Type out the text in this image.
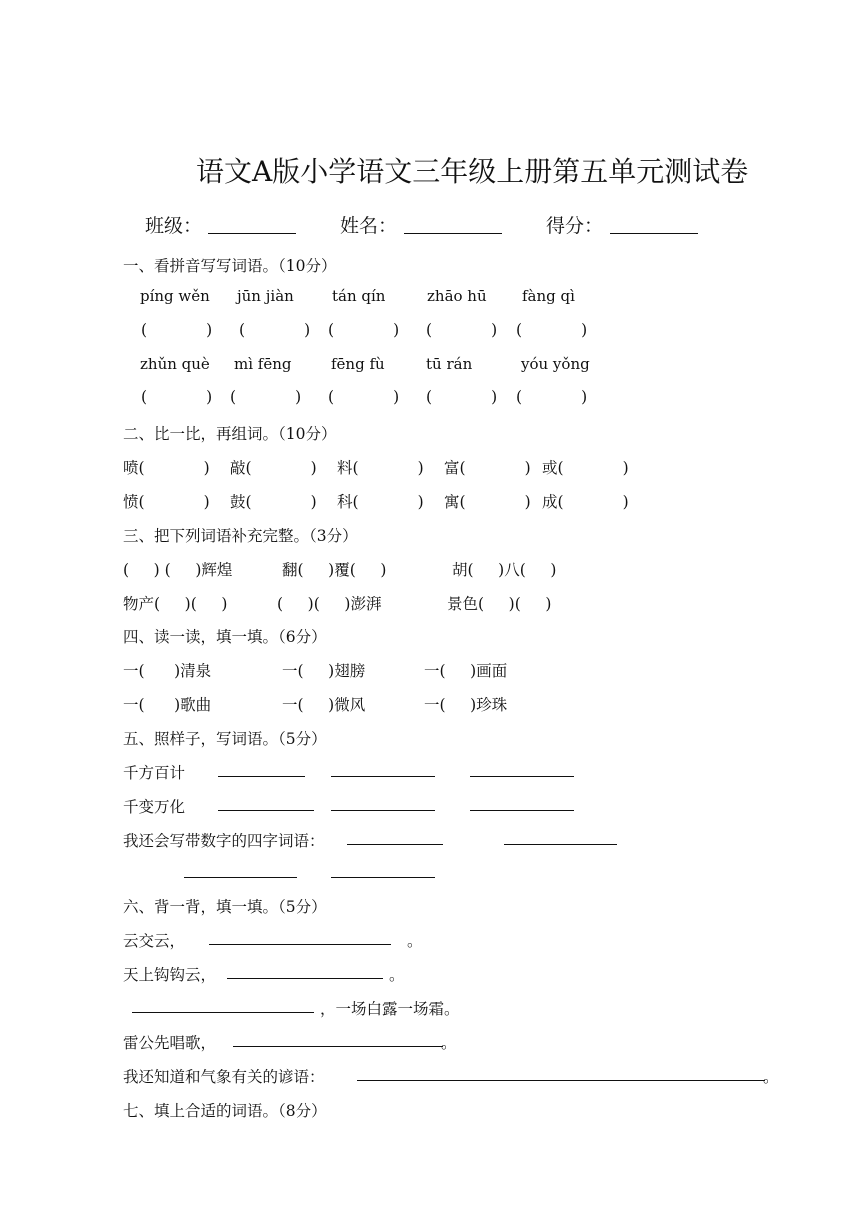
语文A版小学语文三年级上册第五单元测试卷
班级：	姓名：	得分：
一、看拼音写写词语。（10分）
píng wěn jūn jiàn	tán qín	zhāo hū fàng qì
(            ) (            ) (            ) (            ) (            )
zhǔn què mì fēng	fēng fù	tū rán	yóu yǒng
(            ) (            ) (            ) (            ) (            )
二、比一比，再组词。（10分）
喷(            ) 敲(            ) 料(            ) 富(            ) 或(            )
愤(            ) 鼓(            ) 科(            ) 寓(            ) 成(            )
三、把下列词语补充完整。（3分）
(     ) (     )辉煌	翻(     )覆(     )	胡(     )八(     )
物产(     )(     )	(     )(     )澎湃	景色(     )(     )
四、读一读，填一填。（6分）
一(      )清泉	一(     )翅膀	一(     )画面
一(      )歌曲	一(     )微风	一(     )珍珠
五、照样子，写词语。（5分）
千方百计
千变万化
我还会写带数字的四字词语：
六、背一背，填一填。（5分）
云交云，	。
天上钩钩云，	。
，一场白露一场霜。
雷公先唱歌，	。
我还知道和气象有关的谚语：	。
七、填上合适的词语。（8分）
